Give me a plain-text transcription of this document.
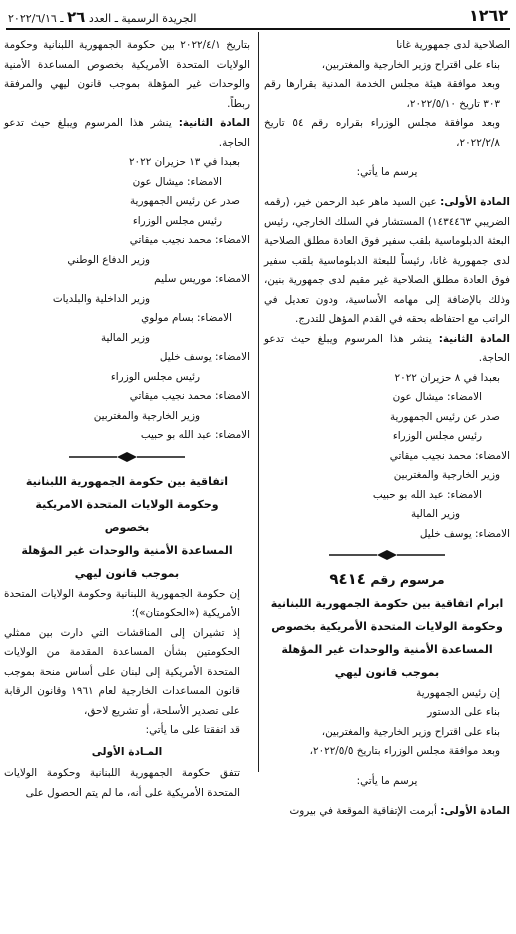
١٢٦٢
الجريدة الرسمية ـ العدد ٢٦ ـ ٢٠٢٢/٦/١٦

الصلاحية لدى جمهورية غانا

بناء على اقتراح وزير الخارجية والمغتربين،

وبعد موافقة هيئة مجلس الخدمة المدنية بقرارها رقم ٣٠٣ تاريخ ٢٠٢٢/٥/١٠،

وبعد موافقة مجلس الوزراء بقراره رقم ٥٤ تاريخ ٢٠٢٢/٢/٨،

يرسم ما يأتي:

المادة الأولى: عين السيد ماهر عبد الرحمن خير، (رقمه الضريبي ١٤٣٤٤٦٣) المستشار في السلك الخارجي، رئيس البعثة الدبلوماسية بلقب سفير فوق العادة مطلق الصلاحية لدى جمهورية غانا، رئيساً للبعثة الدبلوماسية بلقب سفير فوق العادة مطلق الصلاحية غير مقيم لدى جمهورية بنين، وذلك بالإضافة إلى مهامه الأساسية، ودون تعديل في الراتب مع احتفاظه بحقه في القدم المؤهل للتدرج.

المادة الثانية: ينشر هذا المرسوم ويبلغ حيث تدعو الحاجة.

بعبدا في ٨ حزيران ٢٠٢٢

الامضاء: ميشال عون

صدر عن رئيس الجمهورية

رئيس مجلس الوزراء

الامضاء: محمد نجيب ميقاتي

وزير الخارجية والمغتربين

الامضاء: عبد الله بو حبيب

وزير المالية

الامضاء: يوسف خليل

مرسوم رقم ٩٤١٤

ابرام اتفاقية بين حكومة الجمهورية اللبنانية وحكومة الولايات المتحدة الأمريكية بخصوص المساعدة الأمنية والوحدات غير المؤهلة بموجب قانون ليهي

إن رئيس الجمهورية

بناء على الدستور

بناء على اقتراح وزير الخارجية والمغتربين،

وبعد موافقة مجلس الوزراء بتاريخ ٢٠٢٢/٥/٥،

يرسم ما يأتي:

المادة الأولى: أبرمت الإتفاقية الموقعة في بيروت

بتاريخ ٢٠٢٢/٤/١ بين حكومة الجمهورية اللبنانية وحكومة الولايات المتحدة الأمريكية بخصوص المساعدة الأمنية والوحدات غير المؤهلة بموجب قانون ليهي والمرفقة ربطاً.

المادة الثانية: ينشر هذا المرسوم ويبلغ حيث تدعو الحاجة.

بعبدا في ١٣ حزيران ٢٠٢٢

الامضاء: ميشال عون

صدر عن رئيس الجمهورية

رئيس مجلس الوزراء

الامضاء: محمد نجيب ميقاتي

وزير الدفاع الوطني

الامضاء: موريس سليم

وزير الداخلية والبلديات

الامضاء: بسام مولوي

وزير المالية

الامضاء: يوسف خليل

رئيس مجلس الوزراء

الامضاء: محمد نجيب ميقاتي

وزير الخارجية والمغتربين

الامضاء: عبد الله بو حبيب

اتفاقية بين حكومة الجمهورية اللبنانية

وحكومة الولايات المتحدة الامريكية

بخصوص

المساعدة الأمنية والوحدات غير المؤهلة

بموجب قانون ليهي

إن حكومة الجمهورية اللبنانية وحكومة الولايات المتحدة الأمريكية («الحكومتان»)؛

إذ تشيران إلى المناقشات التي دارت بين ممثلي الحكومتين بشأن المساعدة المقدمة من الولايات المتحدة الأمريكية إلى لبنان على أساس منحة بموجب قانون المساعدات الخارجية لعام ١٩٦١ وقانون الرقابة على تصدير الأسلحة، أو تشريع لاحق،

قد اتفقتا على ما يأتي:

المـادة الأولى

تتفق حكومة الجمهورية اللبنانية وحكومة الولايات المتحدة الأمريكية على أنه، ما لم يتم الحصول على
